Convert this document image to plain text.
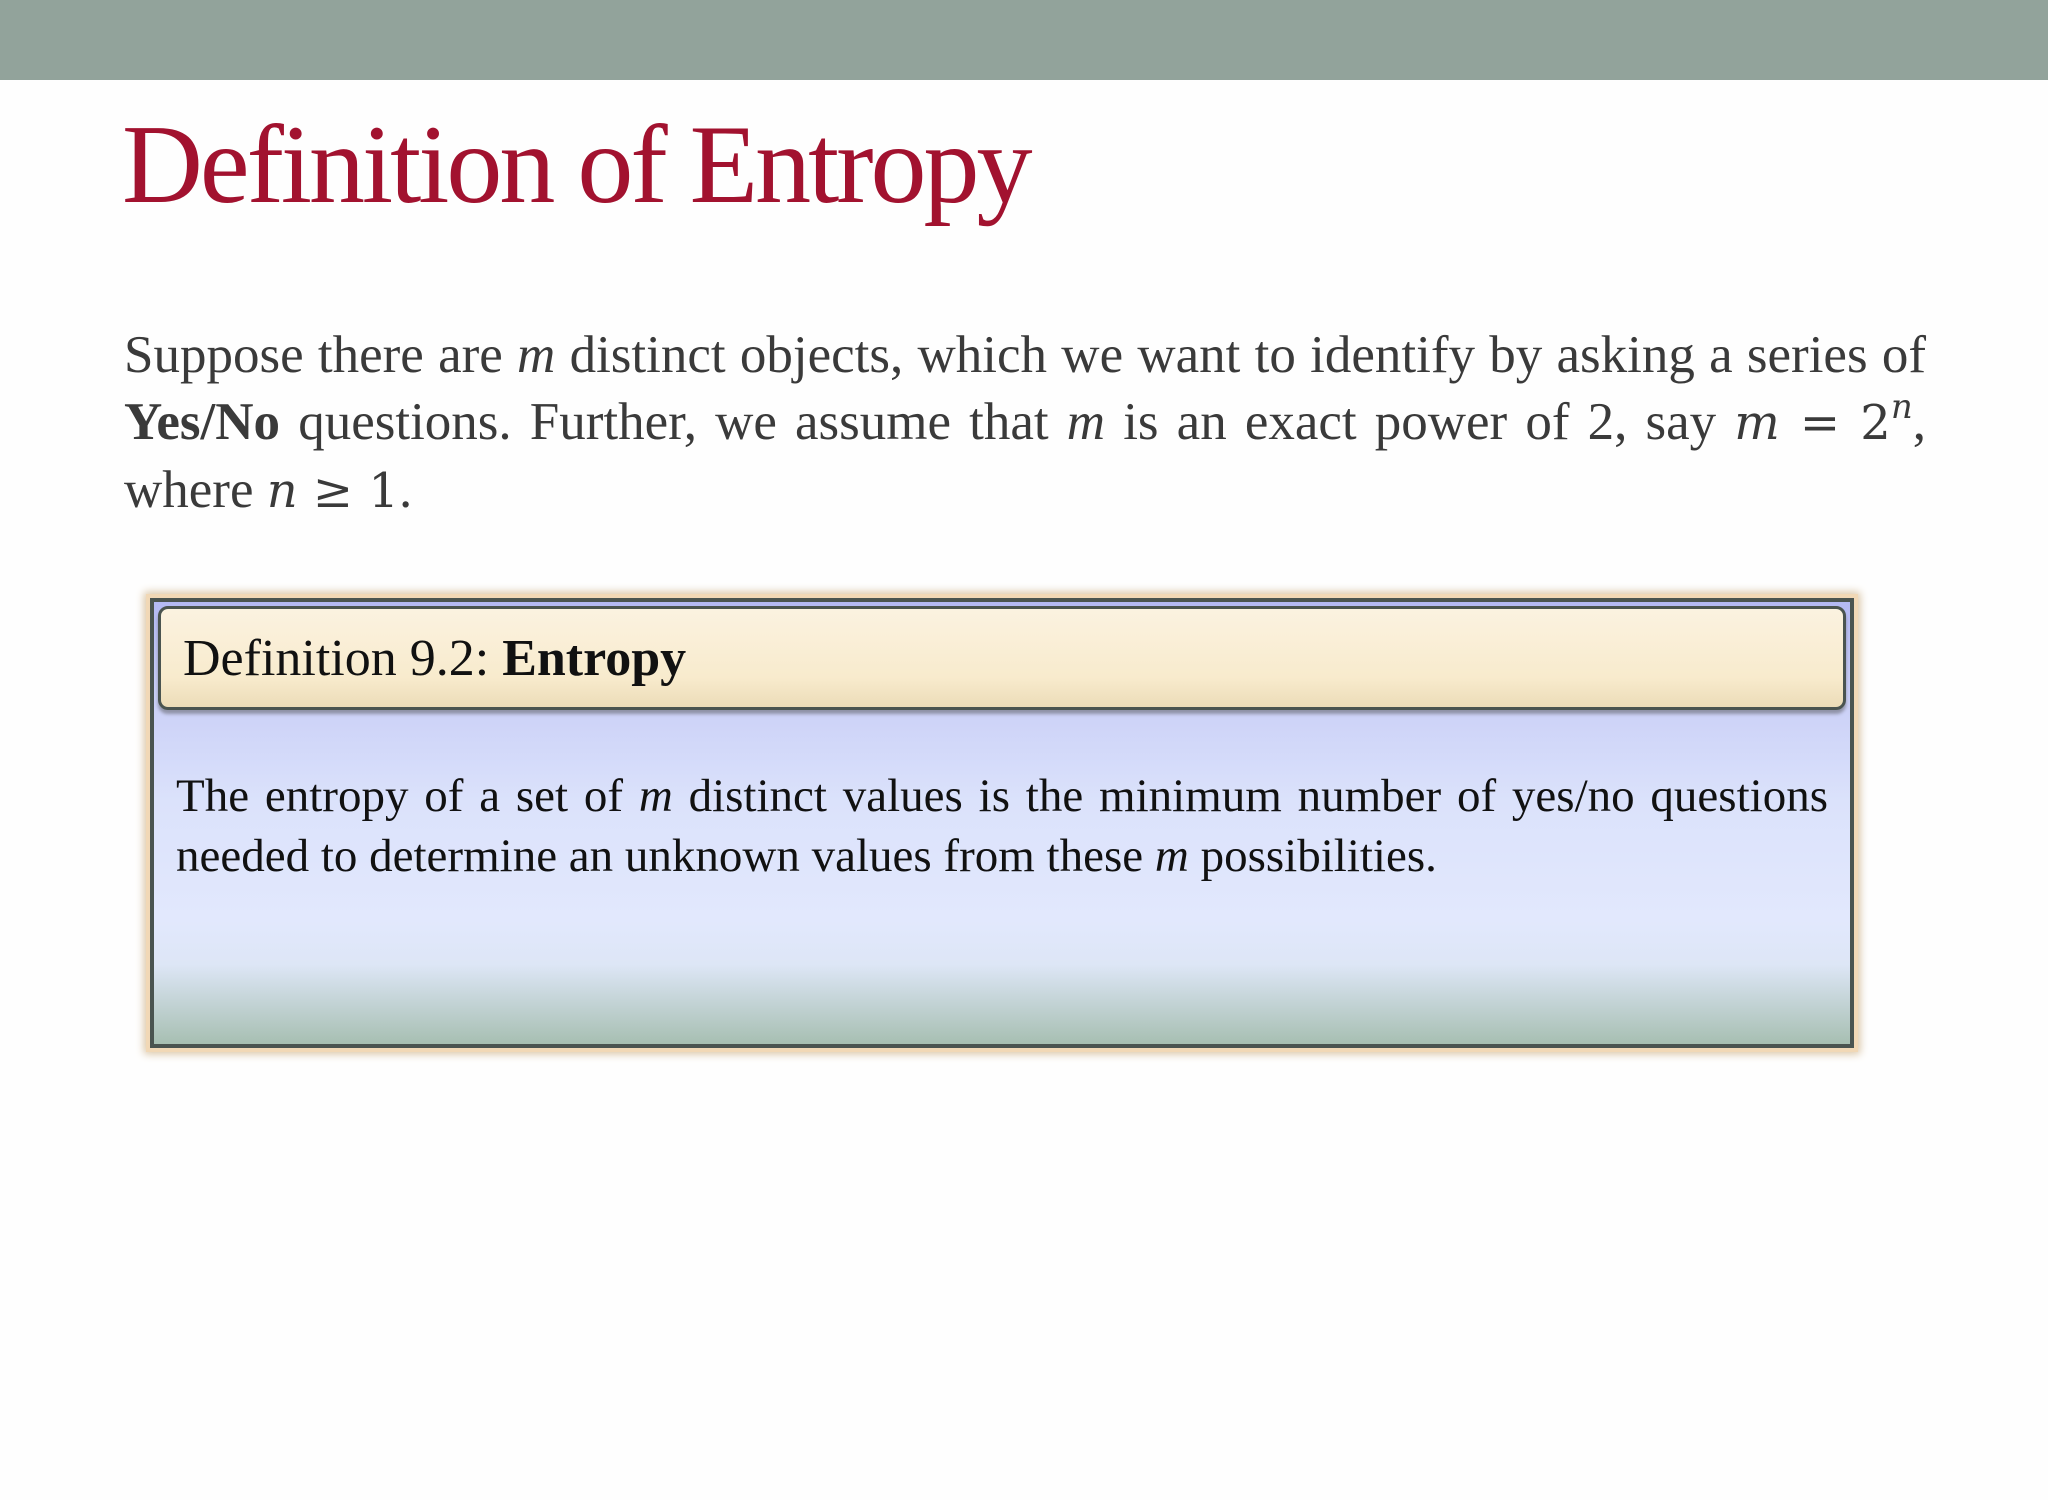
Definition of Entropy

Suppose there are m distinct objects, which we want to identify by asking a series of Yes/No questions. Further, we assume that m is an exact power of 2, say $m = 2^n$, where n ≥ 1.

Definition 9.2: Entropy

The entropy of a set of m distinct values is the minimum number of yes/no questions needed to determine an unknown values from these m possibilities.
